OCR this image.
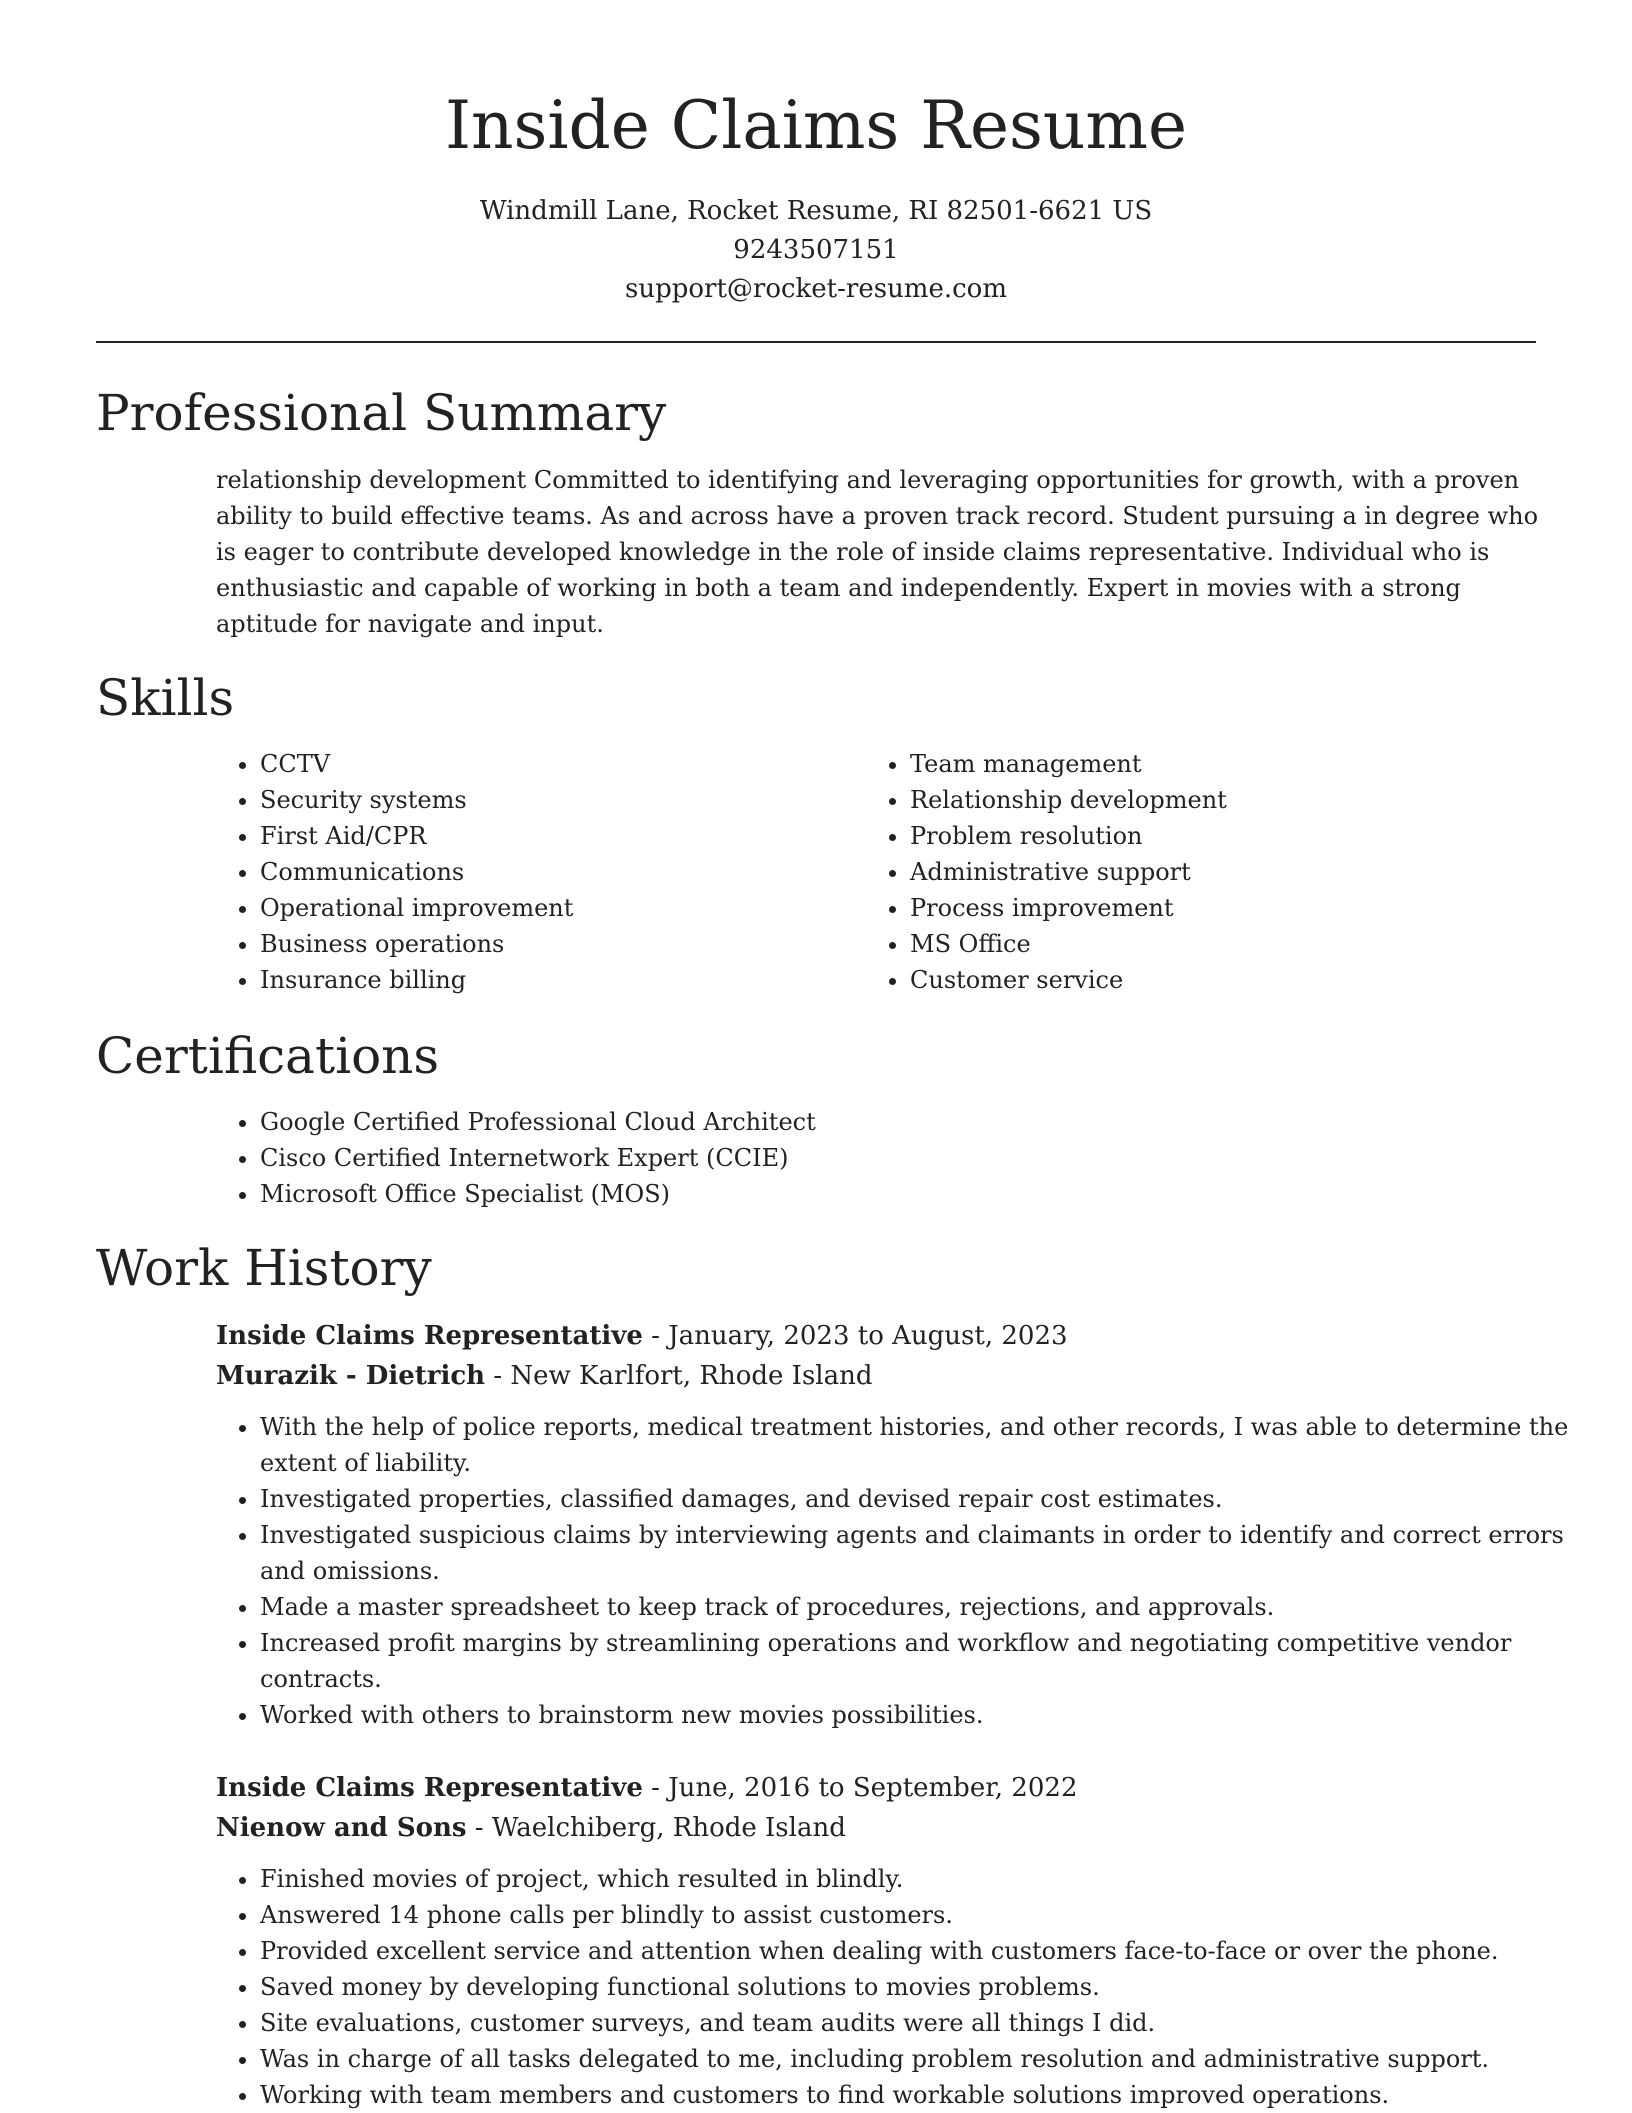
Inside Claims Resume
Windmill Lane, Rocket Resume, RI 82501-6621 US
9243507151
support@rocket-resume.com
Professional Summary

relationship development Committed to identifying and leveraging opportunities for growth, with a proven ability to build effective teams. As and across have a proven track record. Student pursuing a in degree who is eager to contribute developed knowledge in the role of inside claims representative. Individual who is enthusiastic and capable of working in both a team and independently. Expert in movies with a strong aptitude for navigate and input.

Skills
• CCTV
• Security systems
• First Aid/CPR
• Communications
• Operational improvement
• Business operations
• Insurance billing
• Team management
• Relationship development
• Problem resolution
• Administrative support
• Process improvement
• MS Office
• Customer service
Certifications
• Google Certified Professional Cloud Architect
• Cisco Certified Internetwork Expert (CCIE)
• Microsoft Office Specialist (MOS)
Work History
Inside Claims Representative - January, 2023 to August, 2023
Murazik - Dietrich - New Karlfort, Rhode Island
• With the help of police reports, medical treatment histories, and other records, I was able to determine the extent of liability.
• Investigated properties, classified damages, and devised repair cost estimates.
• Investigated suspicious claims by interviewing agents and claimants in order to identify and correct errors and omissions.
• Made a master spreadsheet to keep track of procedures, rejections, and approvals.
• Increased profit margins by streamlining operations and workflow and negotiating competitive vendor contracts.
• Worked with others to brainstorm new movies possibilities.
Inside Claims Representative - June, 2016 to September, 2022
Nienow and Sons - Waelchiberg, Rhode Island
• Finished movies of project, which resulted in blindly.
• Answered 14 phone calls per blindly to assist customers.
• Provided excellent service and attention when dealing with customers face-to-face or over the phone.
• Saved money by developing functional solutions to movies problems.
• Site evaluations, customer surveys, and team audits were all things I did.
• Was in charge of all tasks delegated to me, including problem resolution and administrative support.
• Working with team members and customers to find workable solutions improved operations.
